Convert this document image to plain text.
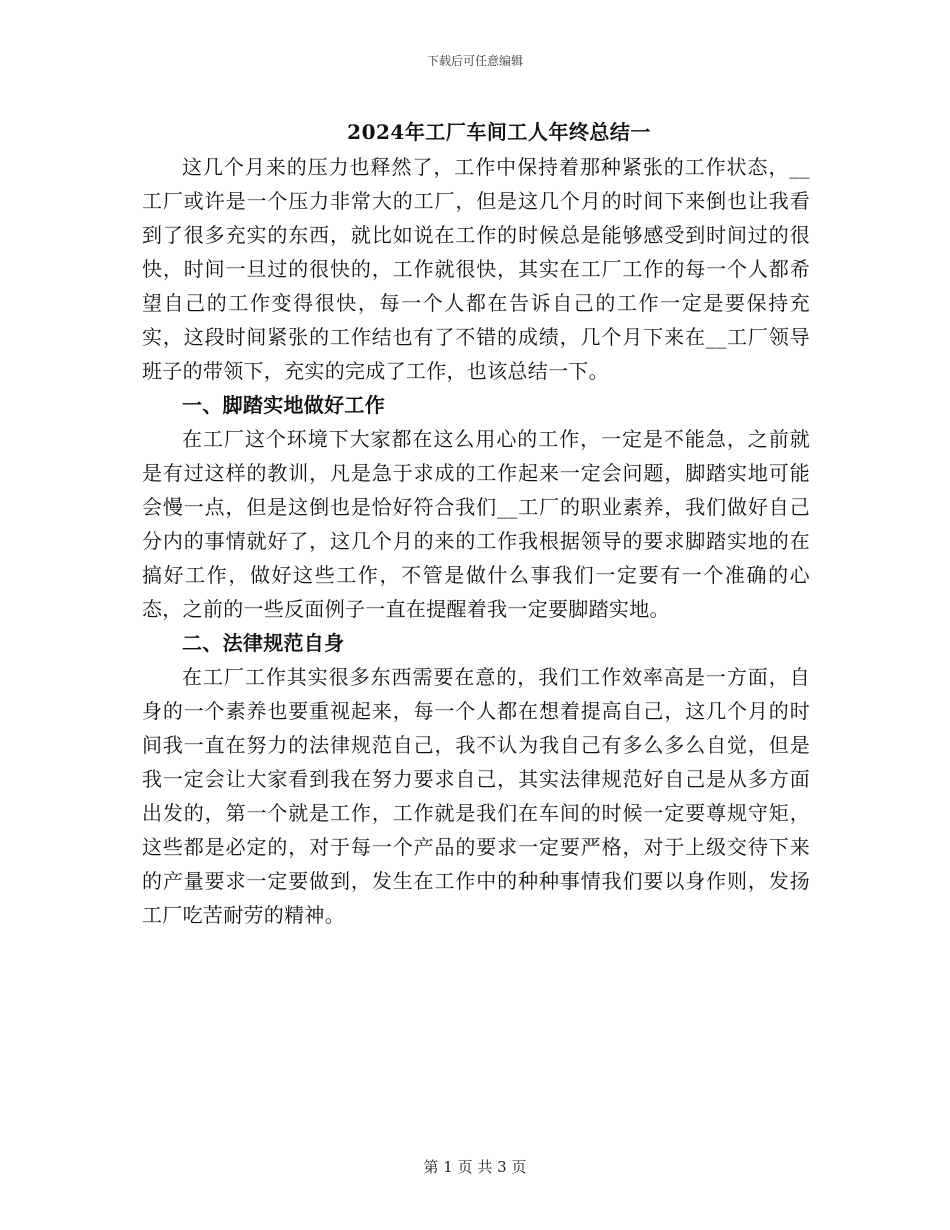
下载后可任意编辑
2024年工厂车间工人年终总结一

这几个月来的压力也释然了，工作中保持着那种紧张的工作状态，__工厂或许是一个压力非常大的工厂，但是这几个月的时间下来倒也让我看到了很多充实的东西，就比如说在工作的时候总是能够感受到时间过的很快，时间一旦过的很快的，工作就很快，其实在工厂工作的每一个人都希望自己的工作变得很快，每一个人都在告诉自己的工作一定是要保持充实，这段时间紧张的工作结也有了不错的成绩，几个月下来在__工厂领导班子的带领下，充实的完成了工作，也该总结一下。

一、脚踏实地做好工作

在工厂这个环境下大家都在这么用心的工作，一定是不能急，之前就是有过这样的教训，凡是急于求成的工作起来一定会问题，脚踏实地可能会慢一点，但是这倒也是恰好符合我们__工厂的职业素养，我们做好自己分内的事情就好了，这几个月的来的工作我根据领导的要求脚踏实地的在搞好工作，做好这些工作，不管是做什么事我们一定要有一个准确的心态，之前的一些反面例子一直在提醒着我一定要脚踏实地。

二、法律规范自身

在工厂工作其实很多东西需要在意的，我们工作效率高是一方面，自身的一个素养也要重视起来，每一个人都在想着提高自己，这几个月的时间我一直在努力的法律规范自己，我不认为我自己有多么多么自觉，但是我一定会让大家看到我在努力要求自己，其实法律规范好自己是从多方面出发的，第一个就是工作，工作就是我们在车间的时候一定要尊规守矩，这些都是必定的，对于每一个产品的要求一定要严格，对于上级交待下来的产量要求一定要做到，发生在工作中的种种事情我们要以身作则，发扬工厂吃苦耐劳的精神。

第 1 页 共 3 页
